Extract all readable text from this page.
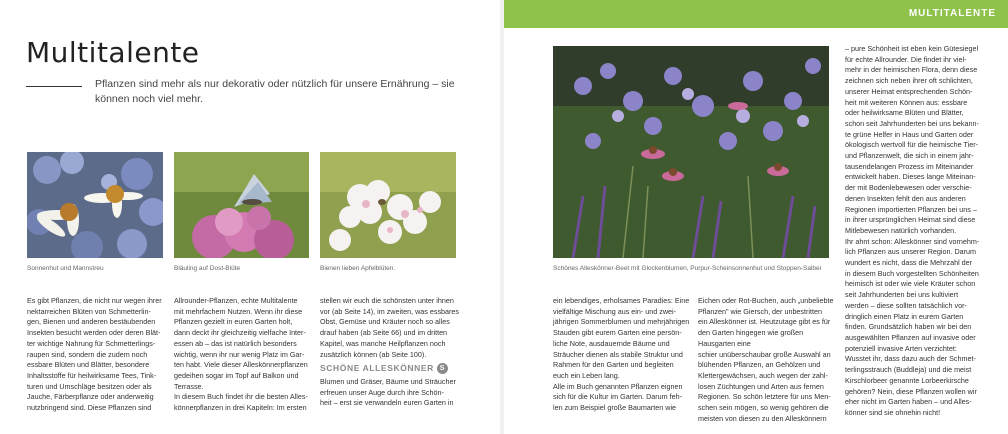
Multitalente
Pflanzen sind mehr als nur dekorativ oder nützlich für unsere Ernährung – sie können noch viel mehr.
Sonnenhut und Mannstreu	Bläuling auf Dost-Blüte	Bienen lieben Apfelblüten.
Es gibt Pflanzen, die nicht nur wegen ihrer
nektarreichen Blüten von Schmetterlin-
gen, Bienen und anderen bestäubenden
Insekten besucht werden oder deren Blät-
ter wichtige Nahrung für Schmetterlings-
raupen sind, sondern die zudem noch
essbare Blüten und Blätter, besondere
Inhaltsstoffe für heilwirksame Tees, Tink-
turen und Umschläge besitzen oder als
Jauche, Färberpflanze oder anderweitig
nutzbringend sind. Diese Pflanzen sind
Allrounder-Pflanzen, echte Multitalente
mit mehrfachem Nutzen. Wenn ihr diese
Pflanzen gezielt in euren Garten holt,
dann deckt ihr gleichzeitig vielfache Inter-
essen ab – das ist natürlich besonders
wichtig, wenn ihr nur wenig Platz im Gar-
ten habt. Viele dieser Alleskönnerpflanzen
gedeihen sogar im Topf auf Balkon und
Terrasse.
In diesem Buch findet ihr die besten Alles-
könnerpflanzen in drei Kapiteln: Im ersten
stellen wir euch die schönsten unter ihnen
vor (ab Seite 14), im zweiten, was essbares
Obst, Gemüse und Kräuter noch so alles
drauf haben (ab Seite 66) und im dritten
Kapitel, was manche Heilpflanzen noch
zusätzlich können (ab Seite 100).
SCHÖNE ALLESKÖNNER S
Blumen und Gräser, Bäume und Sträucher
erfreuen unser Auge durch ihre Schön-
heit – erst sie verwandeln euren Garten in
MULTITALENTE
Schönes Alleskönner-Beet mit Glockenblumen, Purpur-Scheinsonnenhut und Stoppen-Salbei
ein lebendiges, erholsames Paradies: Eine
vielfältige Mischung aus ein- und zwei-
jährigen Sommerblumen und mehrjährigen
Stauden gibt eurem Garten eine persön-
liche Note, ausdauernde Bäume und
Sträucher dienen als stabile Struktur und
Rahmen für den Garten und begleiten
euch ein Leben lang.
Alle im Buch genannten Pflanzen eignen
sich für die Kultur im Garten. Darum feh-
len zum Beispiel große Baumarten wie
Eichen oder Rot-Buchen, auch „unbeliebte
Pflanzen" wie Giersch, der unbestritten
ein Alleskönner ist. Heutzutage gibt es für
den Garten hingegen wie großen Hausgarten eine
schier unüberschaubar große Auswahl an
blühenden Pflanzen, an Gehölzen und
Klettergewächsen, auch wegen der zahl-
losen Züchtungen und Arten aus fernen
Regionen. So schön letztere für uns Men-
schen sein mögen, so wenig gehören die
meisten von diesen zu den Alleskönnern
– pure Schönheit ist eben kein Gütesiegel
für echte Allrounder. Die findet ihr viel-
mehr in der heimischen Flora, denn diese
zeichnen sich neben ihrer oft schlichten,
unserer Heimat entsprechenden Schön-
heit mit weiteren Können aus: essbare
oder heilwirksame Blüten und Blätter,
schon seit Jahrhunderten bei uns bekann-
te grüne Helfer in Haus und Garten oder
ökologisch wertvoll für die heimische Tier-
und Pflanzenwelt, die sich in einem jahr-
tausendelangen Prozess im Miteinander
entwickelt haben. Dieses lange Miteinan-
der mit Bodenlebewesen oder verschie-
denen Insekten fehlt den aus anderen
Regionen importierten Pflanzen bei uns –
in ihrer ursprünglichen Heimat sind diese
Mitlebewesen natürlich vorhanden.
Ihr ahnt schon: Alleskönner sind vornehm-
lich Pflanzen aus unserer Region. Darum
wundert es nicht, dass die Mehrzahl der
in diesem Buch vorgestellten Schönheiten
heimisch ist oder wie viele Kräuter schon
seit Jahrhunderten bei uns kultiviert
werden – diese sollten tatsächlich vor-
dringlich einen Platz in eurem Garten
finden. Grundsätzlich haben wir bei den
ausgewählten Pflanzen auf invasive oder
potenziell invasive Arten verzichtet:
Wusstet ihr, dass dazu auch der Schmet-
terlingsstrauch (Buddleja) und die meist
Kirschlorbeer genannte Lorbeerkirsche
gehören? Nein, diese Pflanzen wollen wir
eher nicht im Garten haben – und Alles-
könner sind sie ohnehin nicht!
